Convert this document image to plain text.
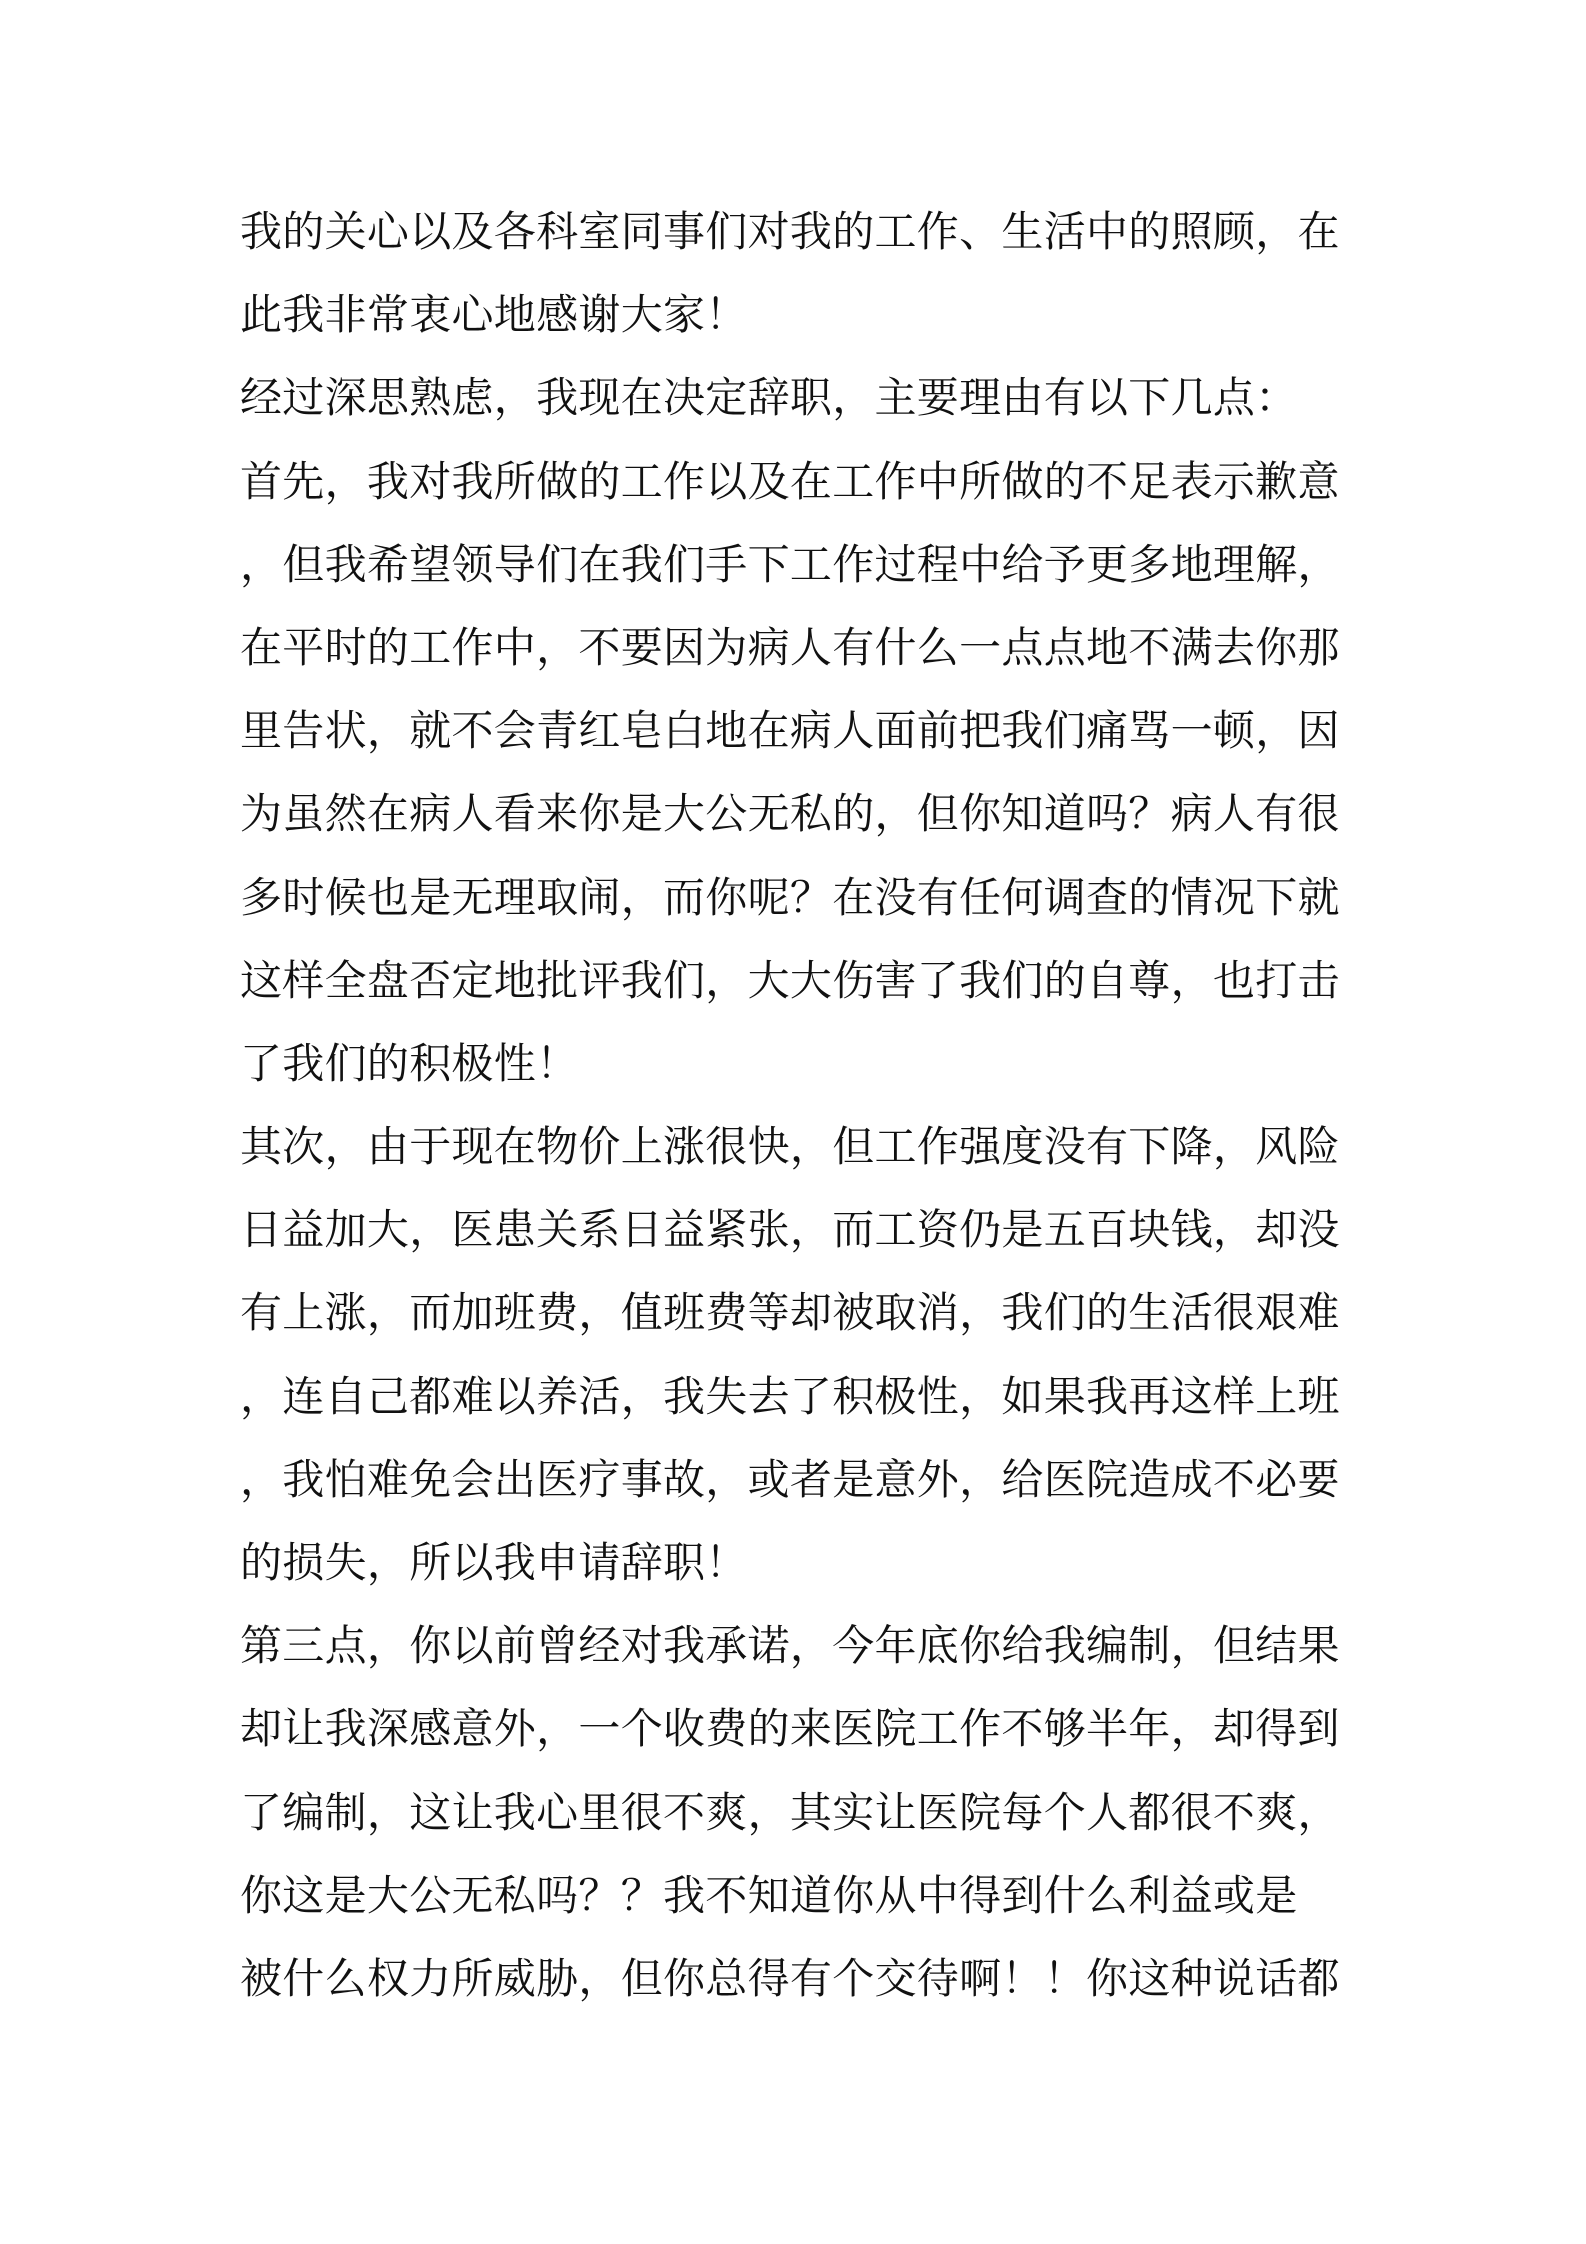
我的关心以及各科室同事们对我的工作、生活中的照顾，在
此我非常衷心地感谢大家！
经过深思熟虑，我现在决定辞职，主要理由有以下几点：
首先，我对我所做的工作以及在工作中所做的不足表示歉意
，但我希望领导们在我们手下工作过程中给予更多地理解，
在平时的工作中，不要因为病人有什么一点点地不满去你那
里告状，就不会青红皂白地在病人面前把我们痛骂一顿，因
为虽然在病人看来你是大公无私的，但你知道吗？病人有很
多时候也是无理取闹，而你呢？在没有任何调查的情况下就
这样全盘否定地批评我们，大大伤害了我们的自尊，也打击
了我们的积极性！
其次，由于现在物价上涨很快，但工作强度没有下降，风险
日益加大，医患关系日益紧张，而工资仍是五百块钱，却没
有上涨，而加班费，值班费等却被取消，我们的生活很艰难
，连自己都难以养活，我失去了积极性，如果我再这样上班
，我怕难免会出医疗事故，或者是意外，给医院造成不必要
的损失，所以我申请辞职！
第三点，你以前曾经对我承诺，今年底你给我编制，但结果
却让我深感意外，一个收费的来医院工作不够半年，却得到
了编制，这让我心里很不爽，其实让医院每个人都很不爽，
你这是大公无私吗？？我不知道你从中得到什么利益或是
被什么权力所威胁，但你总得有个交待啊！！你这种说话都
